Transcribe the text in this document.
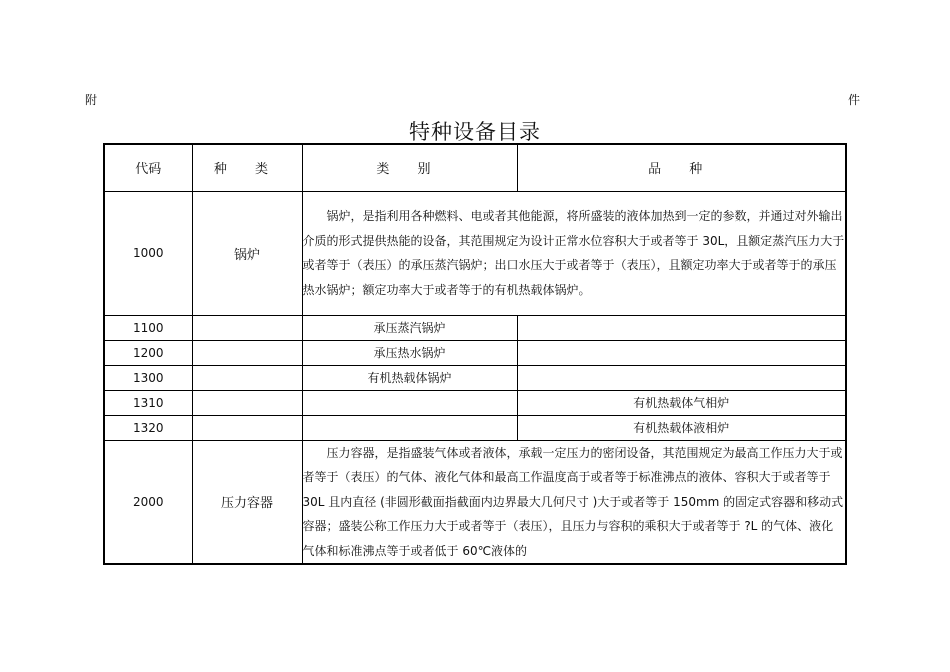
附	件
特种设备目录
代码	种 类	类 别	品 种
1000	锅炉	锅炉，是指利用各种燃料、电或者其他能源，将所盛装的液体加热到一定的参数，并通过对外输出介质的形式提供热能的设备，其范围规定为设计正常水位容积大于或者等于 30L，且额定蒸汽压力大于或者等于（表压）的承压蒸汽锅炉；出口水压大于或者等于（表压），且额定功率大于或者等于的承压热水锅炉；额定功率大于或者等于的有机热载体锅炉。	
1100		承压蒸汽锅炉	
1200		承压热水锅炉	
1300		有机热载体锅炉	
1310			有机热载体气相炉
1320			有机热载体液相炉
2000	压力容器	压力容器，是指盛装气体或者液体，承载一定压力的密闭设备，其范围规定为最高工作压力大于或者等于（表压）的气体、液化气体和最高工作温度高于或者等于标准沸点的液体、容积大于或者等于 30L 且内直径 (非圆形截面指截面内边界最大几何尺寸 )大于或者等于 150mm 的固定式容器和移动式容器；盛装公称工作压力大于或者等于（表压），且压力与容积的乘积大于或者等于 ?L 的气体、液化气体和标准沸点等于或者低于 60℃液体的	
